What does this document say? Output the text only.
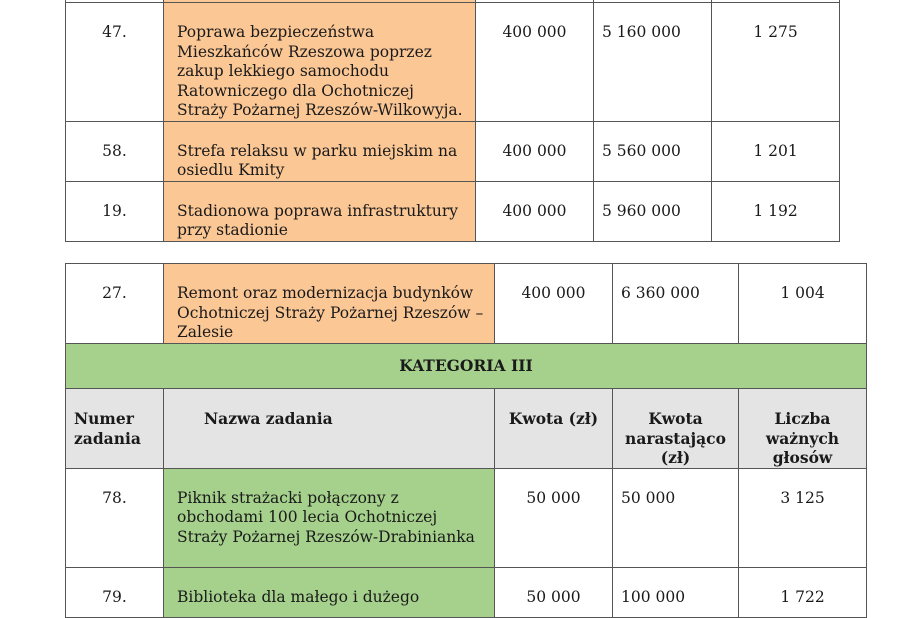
47.	Poprawa bezpieczeństwa Mieszkańców Rzeszowa poprzez zakup lekkiego samochodu Ratowniczego dla Ochotniczej Straży Pożarnej Rzeszów-Wilkowyja.	400 000	5 160 000	1 275
58.	Strefa relaksu w parku miejskim na osiedlu Kmity	400 000	5 560 000	1 201
19.	Stadionowa poprawa infrastruktury przy stadionie	400 000	5 960 000	1 192
27.	Remont oraz modernizacja budynków Ochotniczej Straży Pożarnej Rzeszów – Zalesie	400 000	6 360 000	1 004
KATEGORIA III				
Numer zadania	Nazwa zadania	Kwota (zł)	Kwota narastająco (zł)	Liczba ważnych głosów
78.	Piknik strażacki połączony z obchodami 100 lecia Ochotniczej Straży Pożarnej Rzeszów-Drabinianka	50 000	50 000	3 125
79.	Biblioteka dla małego i dużego	50 000	100 000	1 722
